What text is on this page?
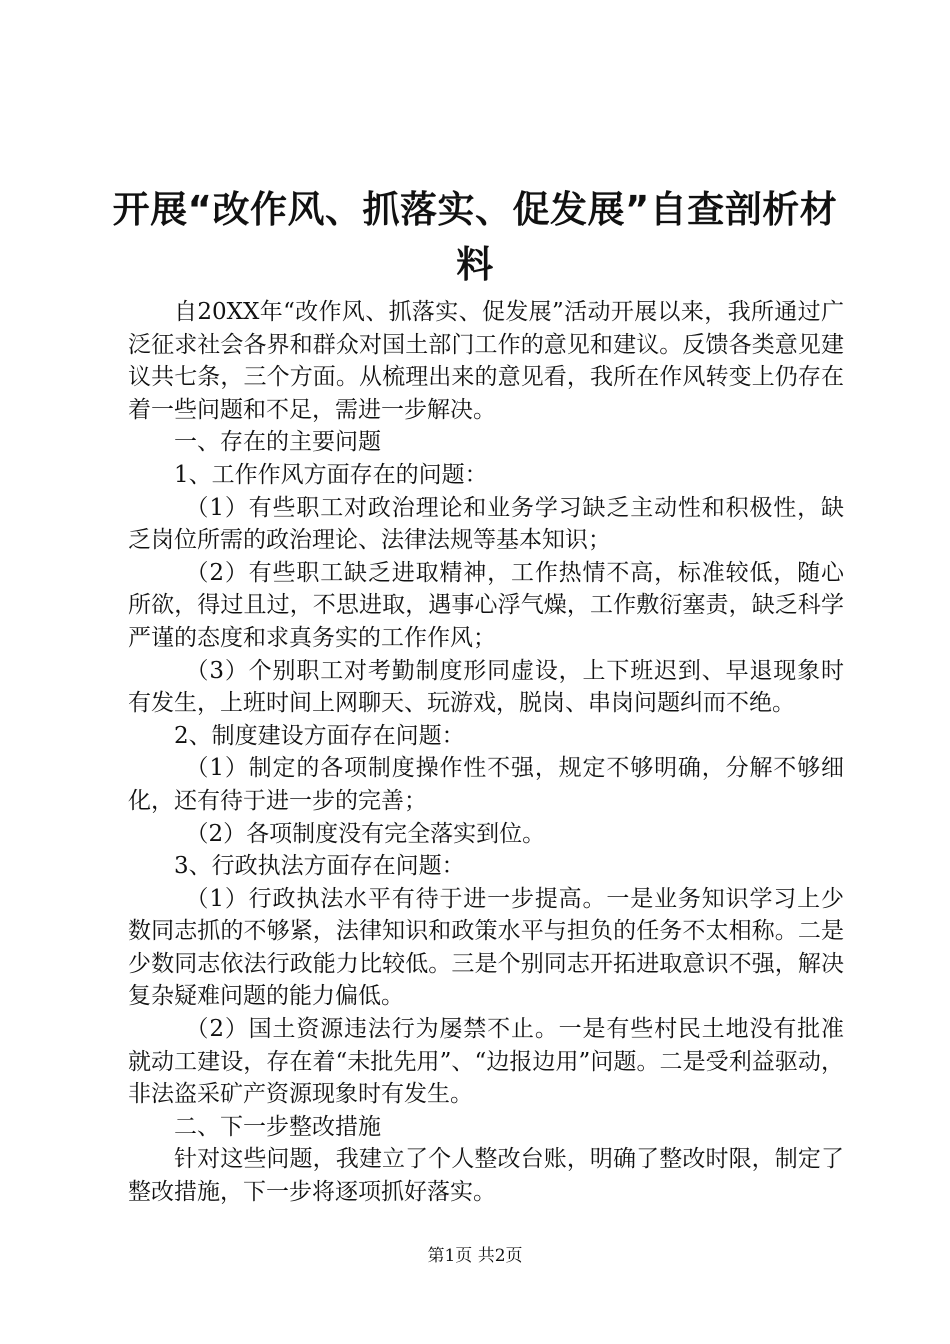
开展“改作风、抓落实、促发展”自查剖析材料

自20XX年“改作风、抓落实、促发展”活动开展以来，我所通过广泛征求社会各界和群众对国土部门工作的意见和建议。反馈各类意见建议共七条，三个方面。从梳理出来的意见看，我所在作风转变上仍存在着一些问题和不足，需进一步解决。

一、存在的主要问题

1、工作作风方面存在的问题：

（1）有些职工对政治理论和业务学习缺乏主动性和积极性，缺乏岗位所需的政治理论、法律法规等基本知识；

（2）有些职工缺乏进取精神，工作热情不高，标准较低，随心所欲，得过且过，不思进取，遇事心浮气燥，工作敷衍塞责，缺乏科学严谨的态度和求真务实的工作作风；

（3）个别职工对考勤制度形同虚设，上下班迟到、早退现象时有发生，上班时间上网聊天、玩游戏，脱岗、串岗问题纠而不绝。

2、制度建设方面存在问题：

（1）制定的各项制度操作性不强，规定不够明确，分解不够细化，还有待于进一步的完善；

（2）各项制度没有完全落实到位。

3、行政执法方面存在问题：

（1）行政执法水平有待于进一步提高。一是业务知识学习上少数同志抓的不够紧，法律知识和政策水平与担负的任务不太相称。二是少数同志依法行政能力比较低。三是个别同志开拓进取意识不强，解决复杂疑难问题的能力偏低。

（2）国土资源违法行为屡禁不止。一是有些村民土地没有批准就动工建设，存在着“未批先用”、“边报边用”问题。二是受利益驱动，非法盗采矿产资源现象时有发生。

二、下一步整改措施

针对这些问题，我建立了个人整改台账，明确了整改时限，制定了整改措施，下一步将逐项抓好落实。

第1页 共2页
